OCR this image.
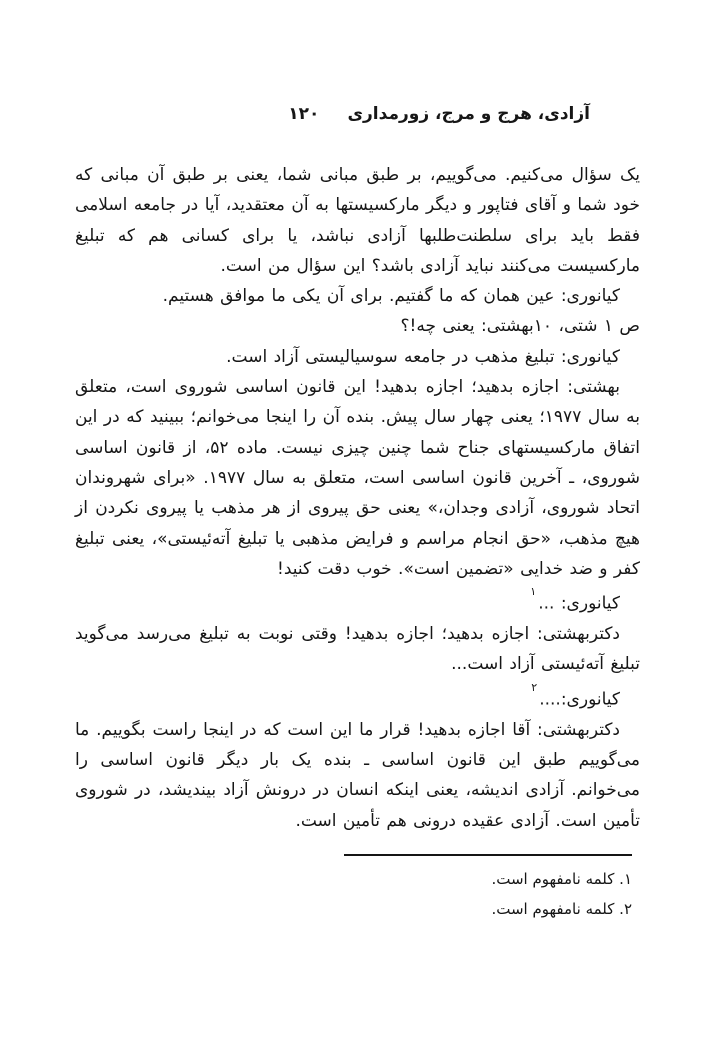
۱۲۰ آزادی، هرج و مرج، زورمداری

یک سؤال می‌کنیم. می‌گوییم، بر طبق مبانی شما، یعنی بر طبق آن مبانی که خود شما و آقای فتاپور و دیگر مارکسیستها به آن معتقدید، آیا در جامعه اسلامی فقط باید برای سلطنت‌طلبها آزادی نباشد، یا برای کسانی هم که تبلیغ مارکسیست می‌کنند نباید آزادی باشد؟ این سؤال من است.

کیانوری: عین همان که ما گفتیم. برای آن یکی ما موافق هستیم.

ص ۱ شتی، ۱۰بهشتی: یعنی چه!؟

کیانوری: تبلیغ مذهب در جامعه سوسیالیستی آزاد است.

بهشتی: اجازه بدهید؛ اجازه بدهید! این قانون اساسی شوروی است، متعلق به سال ۱۹۷۷؛ یعنی چهار سال پیش. بنده آن را اینجا می‌خوانم؛ ببینید که در این اتفاق مارکسیستهای جناح شما چنین چیزی نیست. ماده ۵۲، از قانون اساسی شوروی، ـ آخرین قانون اساسی است، متعلق به سال ۱۹۷۷. «برای شهروندان اتحاد شوروی، آزادی وجدان،» یعنی حق پیروی از هر مذهب یا پیروی نکردن از هیچ مذهب، «حق انجام مراسم و فرایض مذهبی یا تبلیغ آته‌ئیستی»، یعنی تبلیغ کفر و ضد خدایی «تضمین است». خوب دقت کنید!

کیانوری: ...$^۱$

دکتربهشتی: اجازه بدهید؛ اجازه بدهید! وقتی نوبت به تبلیغ می‌رسد می‌گوید تبلیغ آته‌ئیستی آزاد است...

کیانوری:....$^۲$

دکتربهشتی: آقا اجازه بدهید! قرار ما این است که در اینجا راست بگوییم. ما می‌گوییم طبق این قانون اساسی ـ بنده یک بار دیگر قانون اساسی را می‌خوانم. آزادی اندیشه، یعنی اینکه انسان در درونش آزاد بیندیشد، در شوروی تأمین است. آزادی عقیده درونی هم تأمین است.

۱. کلمه نامفهوم است.

۲. کلمه نامفهوم است.
